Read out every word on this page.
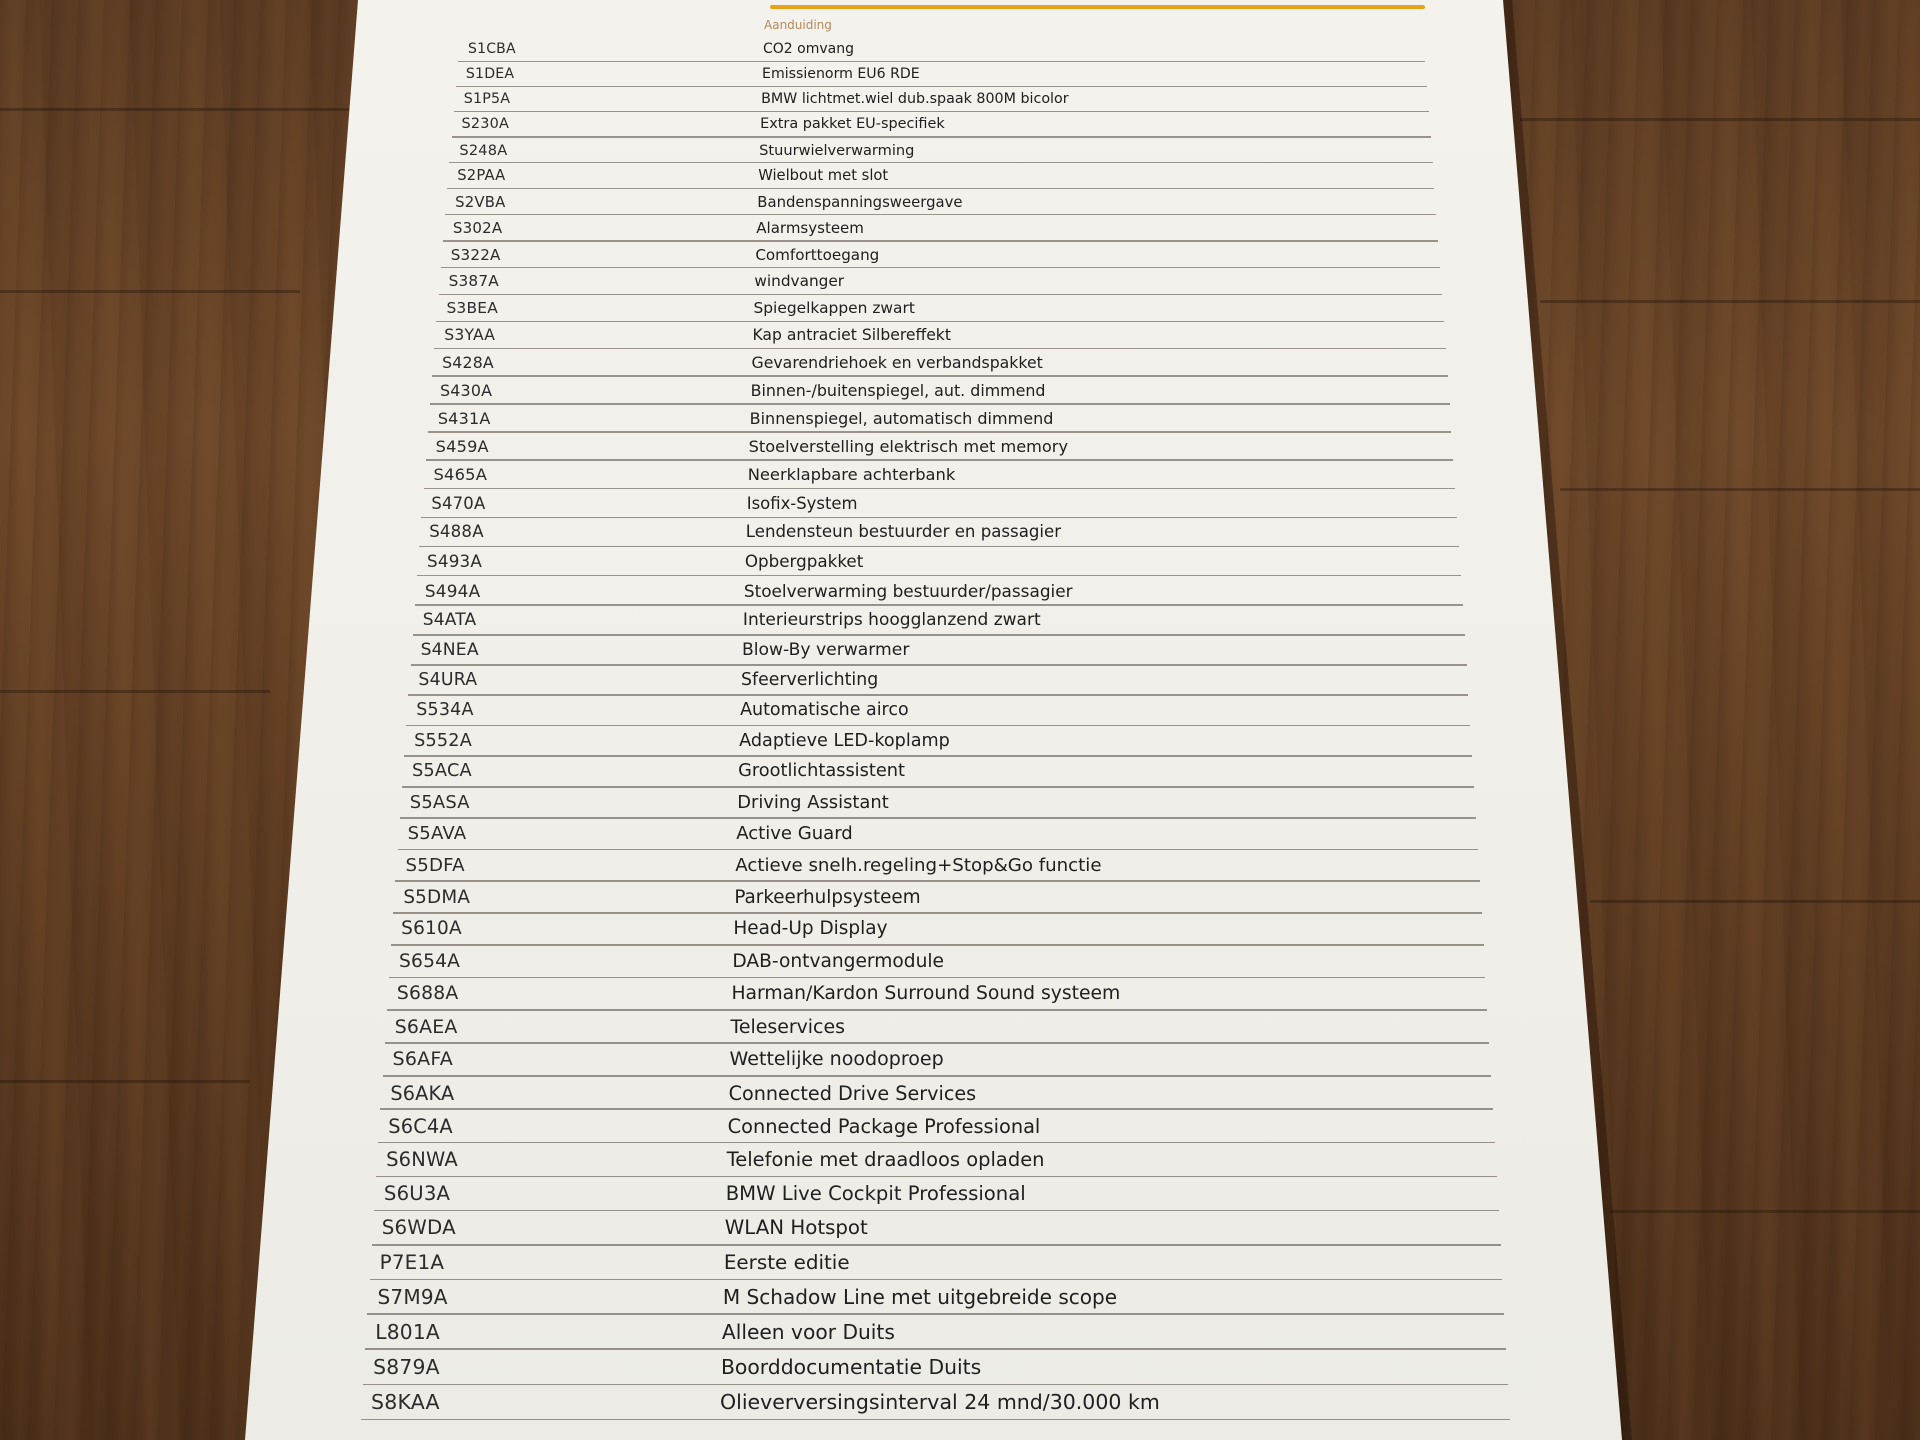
Aanduiding
S1CBA	CO2 omvang
S1DEA	Emissienorm EU6 RDE
S1P5A	BMW lichtmet.wiel dub.spaak 800M bicolor
S230A	Extra pakket EU-specifiek
S248A	Stuurwielverwarming
S2PAA	Wielbout met slot
S2VBA	Bandenspanningsweergave
S302A	Alarmsysteem
S322A	Comforttoegang
S387A	windvanger
S3BEA	Spiegelkappen zwart
S3YAA	Kap antraciet Silbereffekt
S428A	Gevarendriehoek en verbandspakket
S430A	Binnen-/buitenspiegel, aut. dimmend
S431A	Binnenspiegel, automatisch dimmend
S459A	Stoelverstelling elektrisch met memory
S465A	Neerklapbare achterbank
S470A	Isofix-System
S488A	Lendensteun bestuurder en passagier
S493A	Opbergpakket
S494A	Stoelverwarming bestuurder/passagier
S4ATA	Interieurstrips hoogglanzend zwart
S4NEA	Blow-By verwarmer
S4URA	Sfeerverlichting
S534A	Automatische airco
S552A	Adaptieve LED-koplamp
S5ACA	Grootlichtassistent
S5ASA	Driving Assistant
S5AVA	Active Guard
S5DFA	Actieve snelh.regeling+Stop&Go functie
S5DMA	Parkeerhulpsysteem
S610A	Head-Up Display
S654A	DAB-ontvangermodule
S688A	Harman/Kardon Surround Sound systeem
S6AEA	Teleservices
S6AFA	Wettelijke noodoproep
S6AKA	Connected Drive Services
S6C4A	Connected Package Professional
S6NWA	Telefonie met draadloos opladen
S6U3A	BMW Live Cockpit Professional
S6WDA	WLAN Hotspot
P7E1A	Eerste editie
S7M9A	M Schadow Line met uitgebreide scope
L801A	Alleen voor Duits
S879A	Boorddocumentatie Duits
S8KAA	Olieverversingsinterval 24 mnd/30.000 km
